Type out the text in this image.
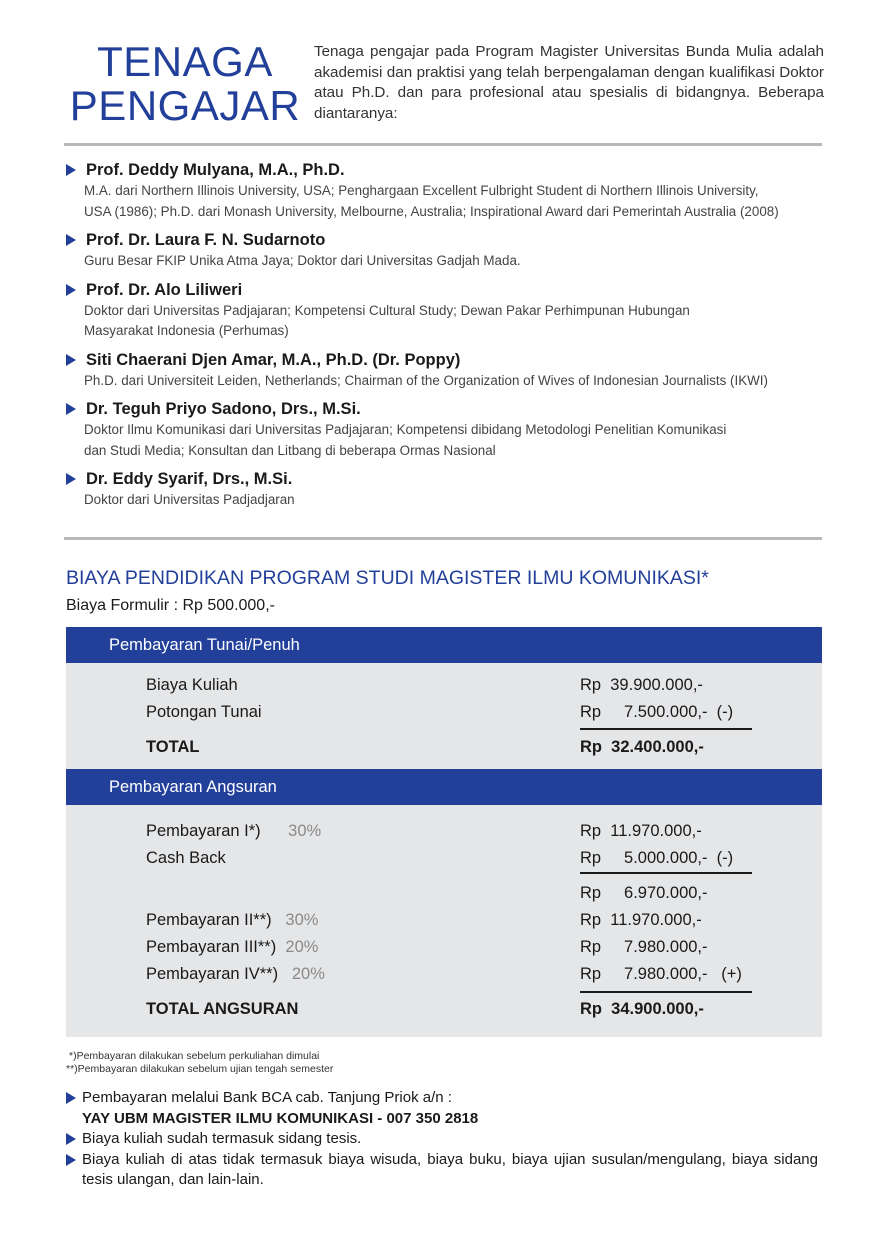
TENAGA
PENGAJAR
Tenaga pengajar pada Program Magister Universitas Bunda Mulia adalah akademisi dan praktisi yang telah berpengalaman dengan kualifikasi Doktor atau Ph.D. dan para profesional atau spesialis di bidangnya. Beberapa diantaranya:
Prof. Deddy Mulyana, M.A., Ph.D.
M.A. dari Northern Illinois University, USA; Penghargaan Excellent Fulbright Student di Northern Illinois University,
USA (1986); Ph.D. dari Monash University, Melbourne, Australia; Inspirational Award dari Pemerintah Australia (2008)
Prof. Dr. Laura F. N. Sudarnoto
Guru Besar FKIP Unika Atma Jaya; Doktor dari Universitas Gadjah Mada.
Prof. Dr. Alo Liliweri
Doktor dari Universitas Padjajaran; Kompetensi Cultural Study; Dewan Pakar Perhimpunan Hubungan
Masyarakat Indonesia (Perhumas)
Siti Chaerani Djen Amar, M.A., Ph.D. (Dr. Poppy)
Ph.D. dari Universiteit Leiden, Netherlands; Chairman of the Organization of Wives of Indonesian Journalists (IKWI)
Dr. Teguh Priyo Sadono, Drs., M.Si.
Doktor Ilmu Komunikasi dari Universitas Padjajaran; Kompetensi dibidang Metodologi Penelitian Komunikasi
dan Studi Media; Konsultan dan Litbang di beberapa Ormas Nasional
Dr. Eddy Syarif, Drs., M.Si.
Doktor dari Universitas Padjadjaran
BIAYA PENDIDIKAN PROGRAM STUDI MAGISTER ILMU KOMUNIKASI*
Biaya Formulir : Rp 500.000,-
Pembayaran Tunai/Penuh
Biaya Kuliah	Rp  39.900.000,-
Potongan Tunai	Rp     7.500.000,-  (-)
TOTAL	Rp  32.400.000,-
Pembayaran Angsuran
Pembayaran I*) 30%	Rp  11.970.000,-
Cash Back	Rp     5.000.000,-  (-)
Rp     6.970.000,-
Pembayaran II**) 30%	Rp  11.970.000,-
Pembayaran III**) 20%	Rp     7.980.000,-
Pembayaran IV**) 20%	Rp     7.980.000,-   (+)
TOTAL ANGSURAN	Rp  34.900.000,-
*)Pembayaran dilakukan sebelum perkuliahan dimulai
**)Pembayaran dilakukan sebelum ujian tengah semester
Pembayaran melalui Bank BCA cab. Tanjung Priok a/n :
YAY UBM MAGISTER ILMU KOMUNIKASI - 007 350 2818
Biaya kuliah sudah termasuk sidang tesis.
Biaya kuliah di atas tidak termasuk biaya wisuda, biaya buku, biaya ujian susulan/mengulang, biaya sidang tesis ulangan, dan lain-lain.
